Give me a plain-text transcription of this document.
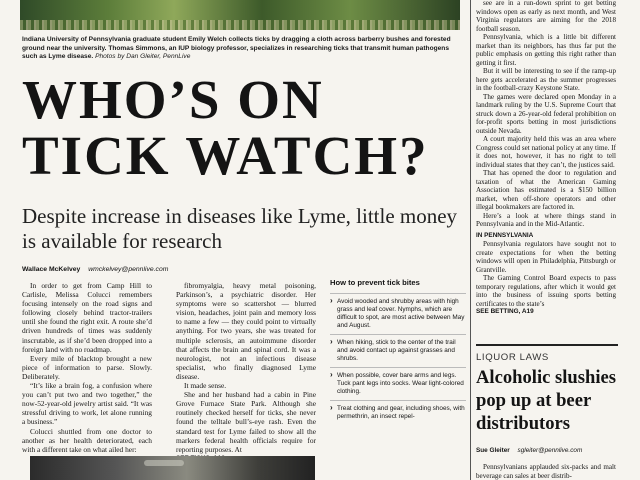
Indiana University of Pennsylvania graduate student Emily Welch collects ticks by dragging a cloth across barberry bushes and forested ground near the university. Thomas Simmons, an IUP biology professor, specializes in researching ticks that transmit human pathogens such as Lyme disease. Photos by Dan Gleiter, PennLive
WHO’S ON TICK WATCH?
Despite increase in diseases like Lyme, little money is available for research
Wallace McKelvey wmckelvey@pennlive.com

In order to get from Camp Hill to Carlisle, Melissa Colucci remembers focusing intensely on the road signs and following closely behind tractor-trailers until she found the right exit. A route she’d driven hundreds of times was suddenly inscrutable, as if she’d been dropped into a foreign land with no roadmap.

Every mile of blacktop brought a new piece of information to parse. Slowly. Deliberately.

“It’s like a brain fog, a confusion where you can’t put two and two together,” the now-52-year-old jewelry artist said. “It was stressful driving to work, let alone running a business.”

Colucci shuttled from one doctor to another as her health deteriorated, each with a different take on what ailed her:

fibromyalgia, heavy metal poisoning, Parkinson’s, a psychiatric disorder. Her symptoms were so scattershot — blurred vision, headaches, joint pain and memory loss to name a few — they could point to virtually anything. For two years, she was treated for multiple sclerosis, an autoimmune disorder that affects the brain and spinal cord. It was a neurologist, not an infectious disease specialist, who finally diagnosed Lyme disease.

It made sense.

She and her husband had a cabin in Pine Grove Furnace State Park. Although she routinely checked herself for ticks, she never found the telltale bull’s-eye rash. Even the standard test for Lyme failed to show all the markers federal health officials require for reporting purposes. At

How to prevent tick bites
› Avoid wooded and shrubby areas with high grass and leaf cover. Nymphs, which are difficult to spot, are most active between May and August.
› When hiking, stick to the center of the trail and avoid contact up against grasses and shrubs.
› When possible, cover bare arms and legs. Tuck pant legs into socks. Wear light-colored clothing.
› Treat clothing and gear, including shoes, with permethrin, an insect repel-

see are in a run-down sprint to get betting windows open as early as next month, and West Virginia regulators are aiming for the 2018 football season.

Pennsylvania, which is a little bit different market than its neighbors, has thus far put the public emphasis on getting this right rather than getting it first.

But it will be interesting to see if the ramp-up here gets accelerated as the summer progresses in the football-crazy Keystone State.

The games were declared open Monday in a landmark ruling by the U.S. Supreme Court that struck down a 26-year-old federal prohibition on for-profit sports betting in most jurisdictions outside Nevada.

A court majority held this was an area where Congress could set national policy at any time. If it does not, however, it has no right to tell individual states that they can’t, the justices said.

That has opened the door to regulation and taxation of what the American Gaming Association has estimated is a $150 billion market, when off-shore operators and other illegal bookmakers are factored in.

Here’s a look at where things stand in Pennsylvania and in the Mid-Atlantic.

IN PENNSYLVANIA

Pennsylvania regulators have sought not to create expectations for when the betting windows will open in Philadelphia, Pittsburgh or Grantville.

The Gaming Control Board expects to pass temporary regulations, after which it would get into the business of issuing sports betting certificates to the state’s

SEE BETTING, A19

LIQUOR LAWS
Alcoholic slushies pop up at beer distributors
Sue Gleiter sgleiter@pennlive.com

Pennsylvanians applauded six-packs and malt beverage can sales at beer distrib-
